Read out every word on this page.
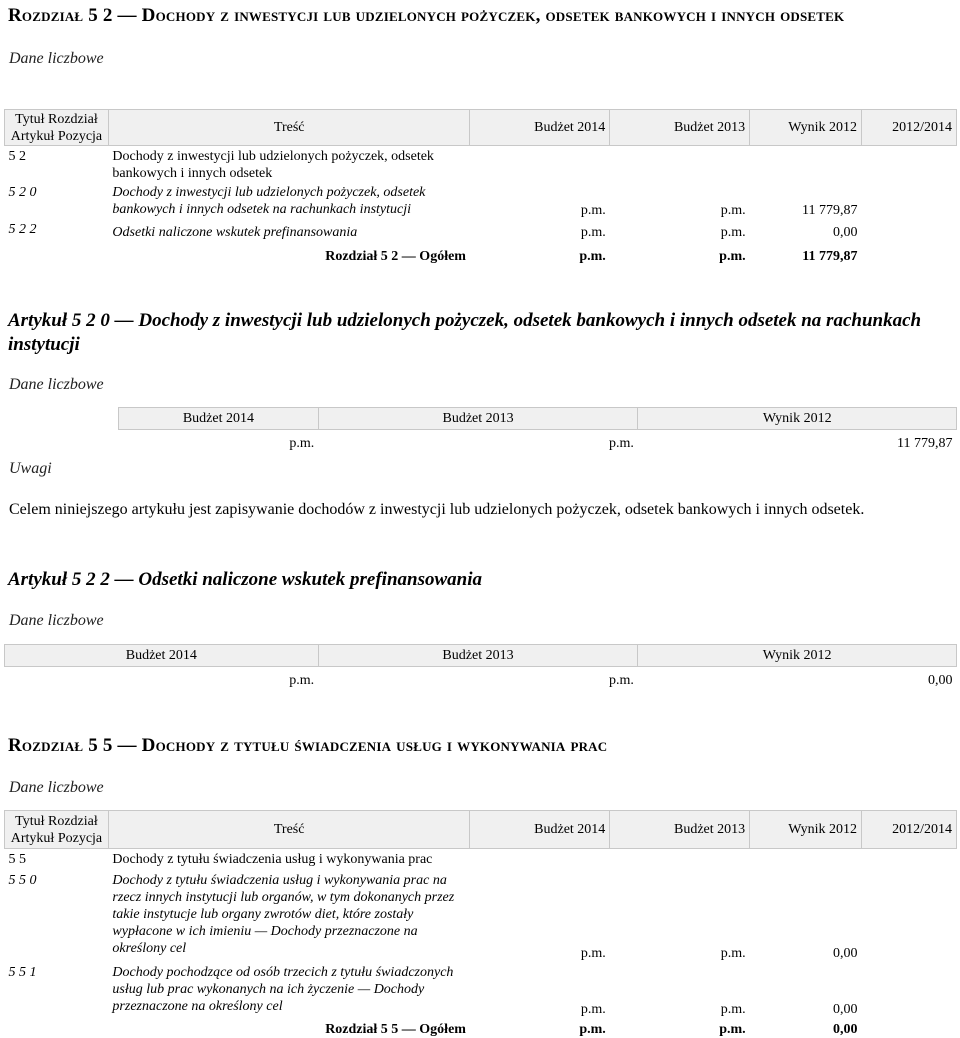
Rozdział 5 2 — Dochody z inwestycji lub udzielonych pożyczek, odsetek bankowych i innych odsetek

Dane liczbowe

Tytuł Rozdział
Artykuł Pozycja	Treść	Budżet 2014	Budżet 2013	Wynik 2012	2012/2014
5 2	Dochody z inwestycji lub udzielonych pożyczek, odsetek bankowych i innych odsetek				
5 2 0	Dochody z inwestycji lub udzielonych pożyczek, odsetek bankowych i innych odsetek na rachunkach instytucji	p.m.	p.m.	11 779,87	
5 2 2	Odsetki naliczone wskutek prefinansowania	p.m.	p.m.	0,00	
	Rozdział 5 2 — Ogółem	p.m.	p.m.	11 779,87	
Artykuł 5 2 0 — Dochody z inwestycji lub udzielonych pożyczek, odsetek bankowych i innych odsetek na rachunkach instytucji

Dane liczbowe

Budżet 2014	Budżet 2013	Wynik 2012
p.m.	p.m.	11 779,87

Uwagi

Celem niniejszego artykułu jest zapisywanie dochodów z inwestycji lub udzielonych pożyczek, odsetek bankowych i innych odsetek.

Artykuł 5 2 2 — Odsetki naliczone wskutek prefinansowania

Dane liczbowe

Budżet 2014	Budżet 2013	Wynik 2012
p.m.	p.m.	0,00
Rozdział 5 5 — Dochody z tytułu świadczenia usług i wykonywania prac

Dane liczbowe

Tytuł Rozdział
Artykuł Pozycja	Treść	Budżet 2014	Budżet 2013	Wynik 2012	2012/2014
5 5	Dochody z tytułu świadczenia usług i wykonywania prac				
5 5 0	Dochody z tytułu świadczenia usług i wykonywania prac na rzecz innych instytucji lub organów, w tym dokonanych przez takie instytucje lub organy zwrotów diet, które zostały wypłacone w ich imieniu — Dochody przeznaczone na określony cel	p.m.	p.m.	0,00	
5 5 1	Dochody pochodzące od osób trzecich z tytułu świadczonych usług lub prac wykonanych na ich życzenie — Dochody przeznaczone na określony cel	p.m.	p.m.	0,00	
	Rozdział 5 5 — Ogółem	p.m.	p.m.	0,00	
